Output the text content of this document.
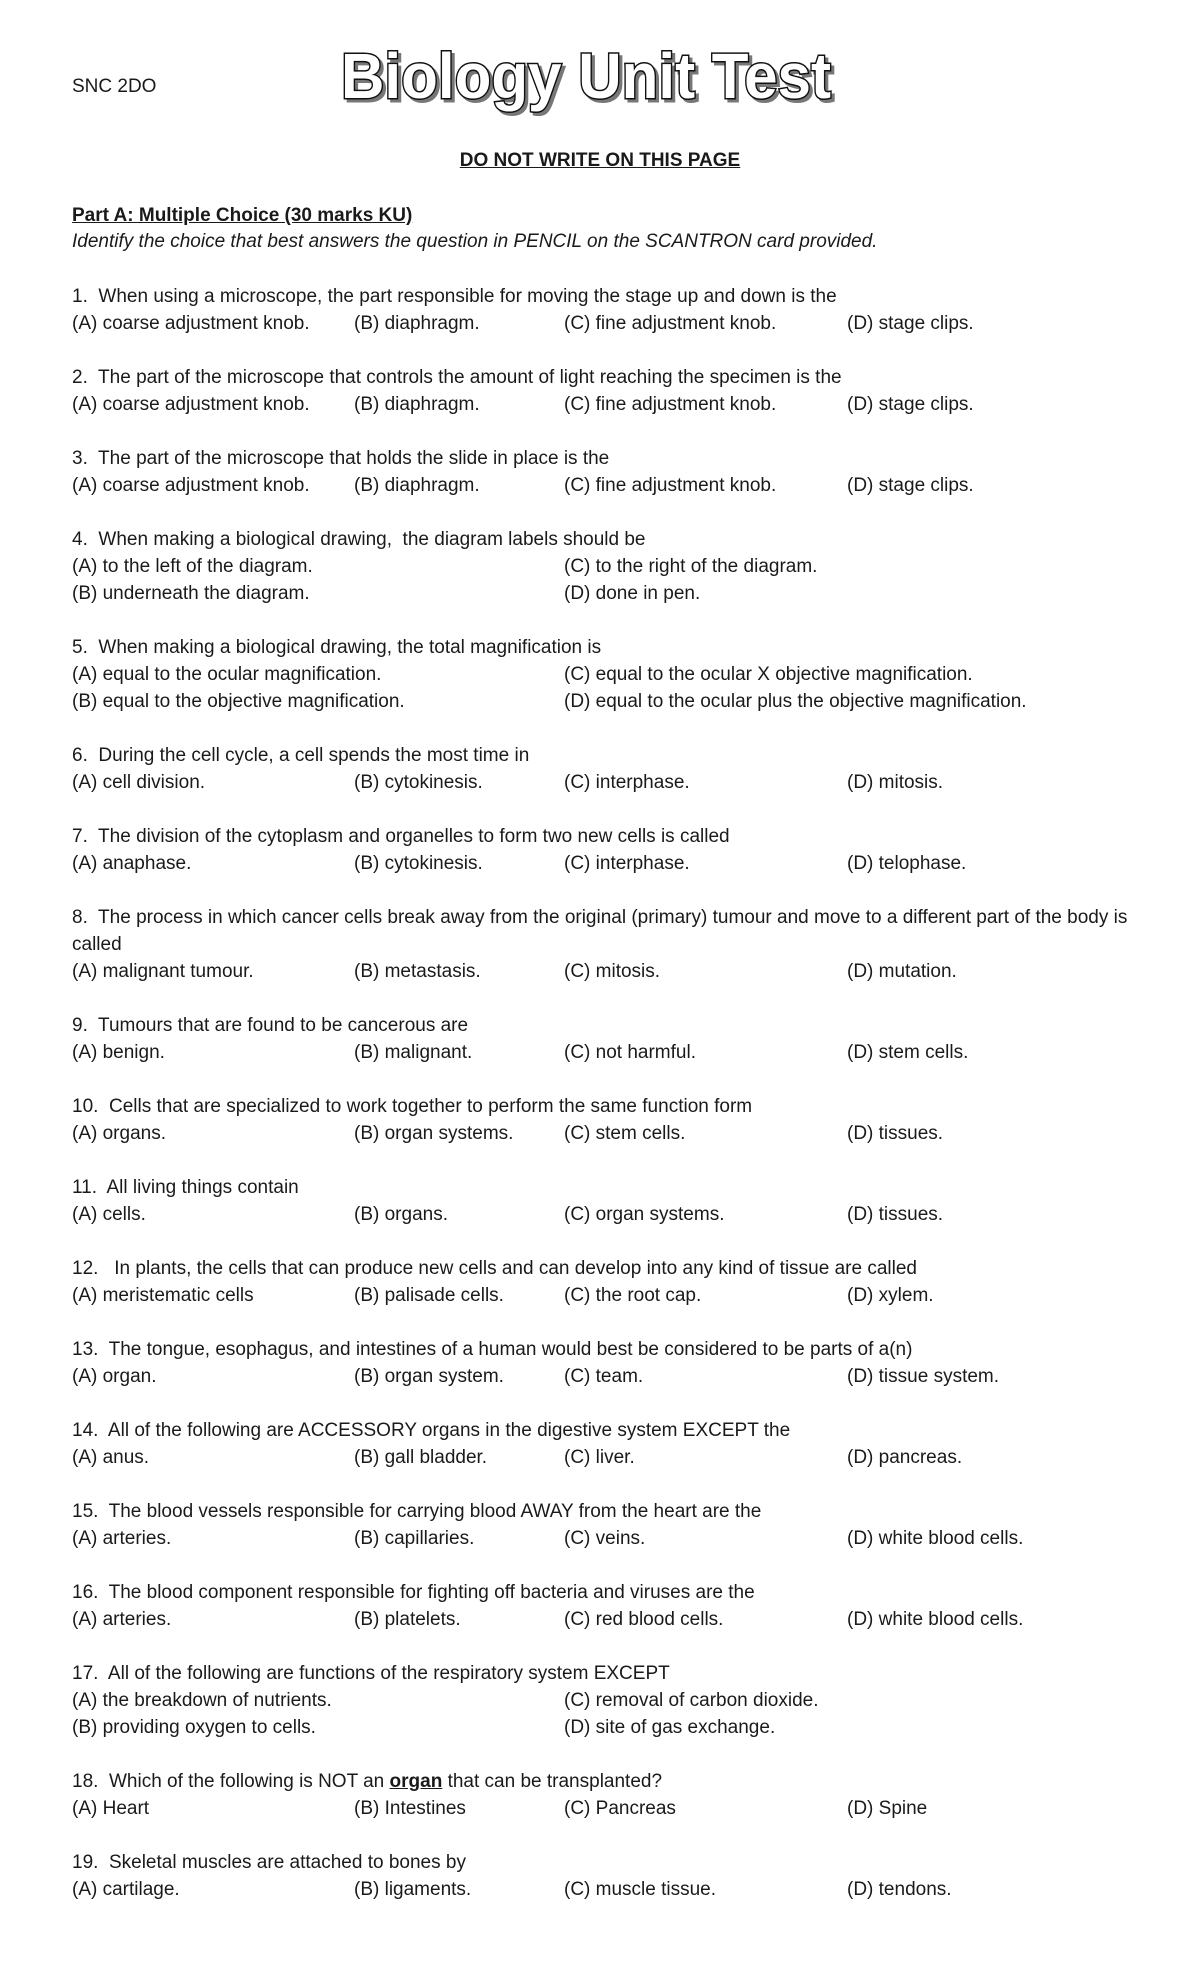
SNC 2DO	Biology Unit Test
DO NOT WRITE ON THIS PAGE
Part A: Multiple Choice (30 marks KU)
Identify the choice that best answers the question in PENCIL on the SCANTRON card provided.
1.  When using a microscope, the part responsible for moving the stage up and down is the
(A) coarse adjustment knob. (B) diaphragm.	(C) fine adjustment knob.	(D) stage clips.
2.  The part of the microscope that controls the amount of light reaching the specimen is the
(A) coarse adjustment knob. (B) diaphragm.	(C) fine adjustment knob.	(D) stage clips.
3.  The part of the microscope that holds the slide in place is the
(A) coarse adjustment knob. (B) diaphragm.	(C) fine adjustment knob.	(D) stage clips.
4.  When making a biological drawing,  the diagram labels should be
(A) to the left of the diagram.
(B) underneath the diagram.
(C) to the right of the diagram.
(D) done in pen.
5.  When making a biological drawing, the total magnification is
(A) equal to the ocular magnification.
(B) equal to the objective magnification.
(C) equal to the ocular X objective magnification.
(D) equal to the ocular plus the objective magnification.
6.  During the cell cycle, a cell spends the most time in
(A) cell division.	(B) cytokinesis.	(C) interphase.	(D) mitosis.
7.  The division of the cytoplasm and organelles to form two new cells is called
(A) anaphase.	(B) cytokinesis.	(C) interphase.	(D) telophase.
8.  The process in which cancer cells break away from the original (primary) tumour and move to a different part of the body is called
(A) malignant tumour.	(B) metastasis.	(C) mitosis.	(D) mutation.
9.  Tumours that are found to be cancerous are
(A) benign.	(B) malignant.	(C) not harmful.	(D) stem cells.
10.  Cells that are specialized to work together to perform the same function form
(A) organs.	(B) organ systems.	(C) stem cells.	(D) tissues.
11.  All living things contain
(A) cells.	(B) organs.	(C) organ systems.	(D) tissues.
12.   In plants, the cells that can produce new cells and can develop into any kind of tissue are called
(A) meristematic cells	(B) palisade cells.	(C) the root cap.	(D) xylem.
13.  The tongue, esophagus, and intestines of a human would best be considered to be parts of a(n)
(A) organ.	(B) organ system.	(C) team.	(D) tissue system.
14.  All of the following are ACCESSORY organs in the digestive system EXCEPT the
(A) anus.	(B) gall bladder.	(C) liver.	(D) pancreas.
15.  The blood vessels responsible for carrying blood AWAY from the heart are the
(A) arteries.	(B) capillaries.	(C) veins.	(D) white blood cells.
16.  The blood component responsible for fighting off bacteria and viruses are the
(A) arteries.	(B) platelets.	(C) red blood cells.	(D) white blood cells.
17.  All of the following are functions of the respiratory system EXCEPT
(A) the breakdown of nutrients.
(B) providing oxygen to cells.
(C) removal of carbon dioxide.
(D) site of gas exchange.
18.  Which of the following is NOT an organ that can be transplanted?
(A) Heart	(B) Intestines	(C) Pancreas	(D) Spine
19.  Skeletal muscles are attached to bones by
(A) cartilage.	(B) ligaments.	(C) muscle tissue.	(D) tendons.
